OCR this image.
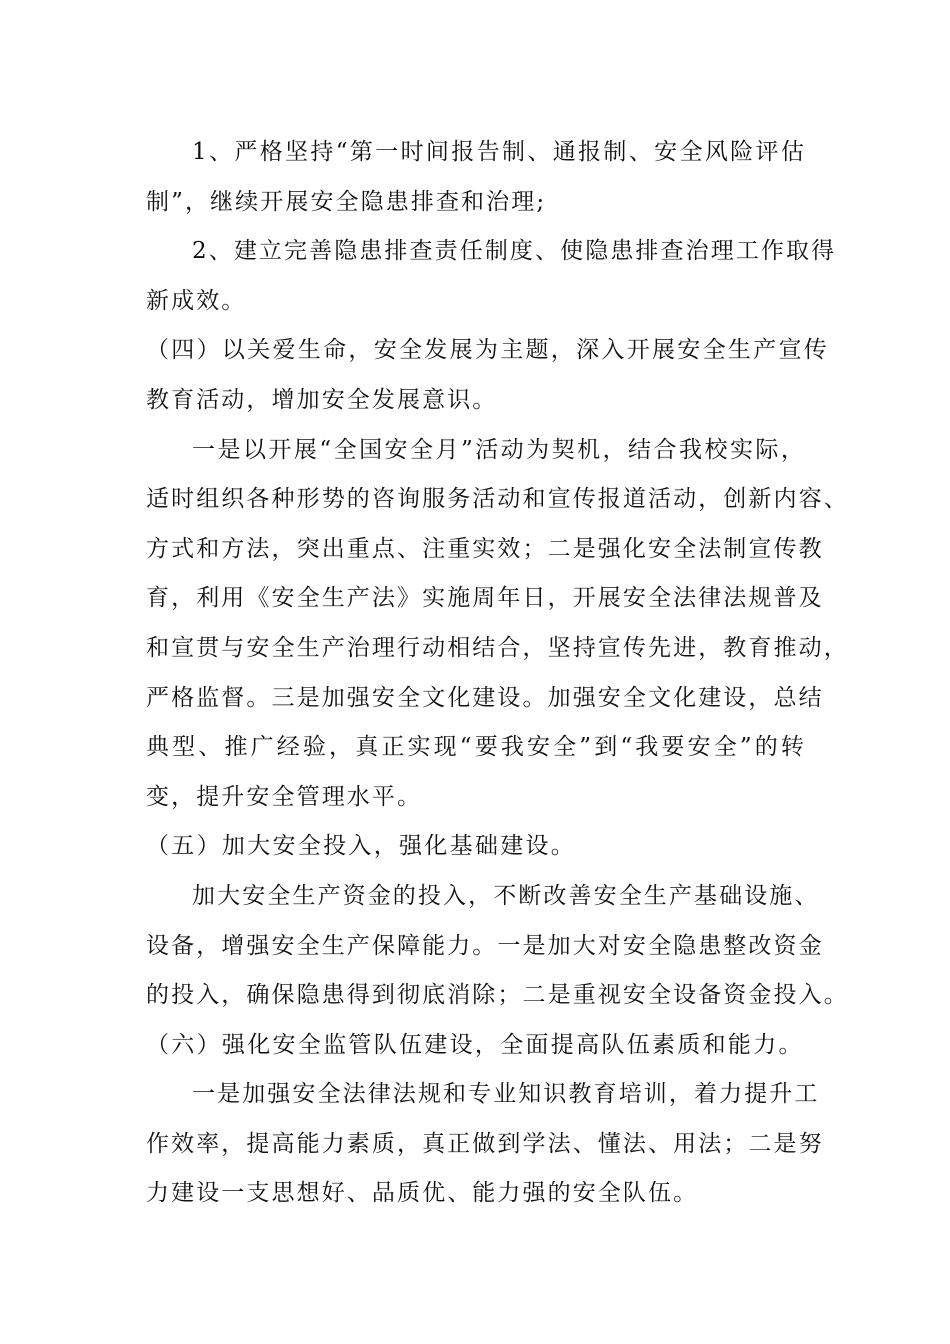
1、严格坚持“第一时间报告制、通报制、安全风险评估
制”，继续开展安全隐患排查和治理;
2、建立完善隐患排查责任制度、使隐患排查治理工作取得
新成效。
（四）以关爱生命，安全发展为主题，深入开展安全生产宣传
教育活动，增加安全发展意识。
一是以开展“全国安全月”活动为契机，结合我校实际，
适时组织各种形势的咨询服务活动和宣传报道活动，创新内容、
方式和方法，突出重点、注重实效；二是强化安全法制宣传教
育，利用《安全生产法》实施周年日，开展安全法律法规普及
和宣贯与安全生产治理行动相结合，坚持宣传先进，教育推动，
严格监督。三是加强安全文化建设。加强安全文化建设，总结
典型、推广经验，真正实现“要我安全”到“我要安全”的转
变，提升安全管理水平。
（五）加大安全投入，强化基础建设。
加大安全生产资金的投入，不断改善安全生产基础设施、
设备，增强安全生产保障能力。一是加大对安全隐患整改资金
的投入，确保隐患得到彻底消除；二是重视安全设备资金投入。
（六）强化安全监管队伍建设，全面提高队伍素质和能力。
一是加强安全法律法规和专业知识教育培训，着力提升工
作效率，提高能力素质，真正做到学法、懂法、用法；二是努
力建设一支思想好、品质优、能力强的安全队伍。
